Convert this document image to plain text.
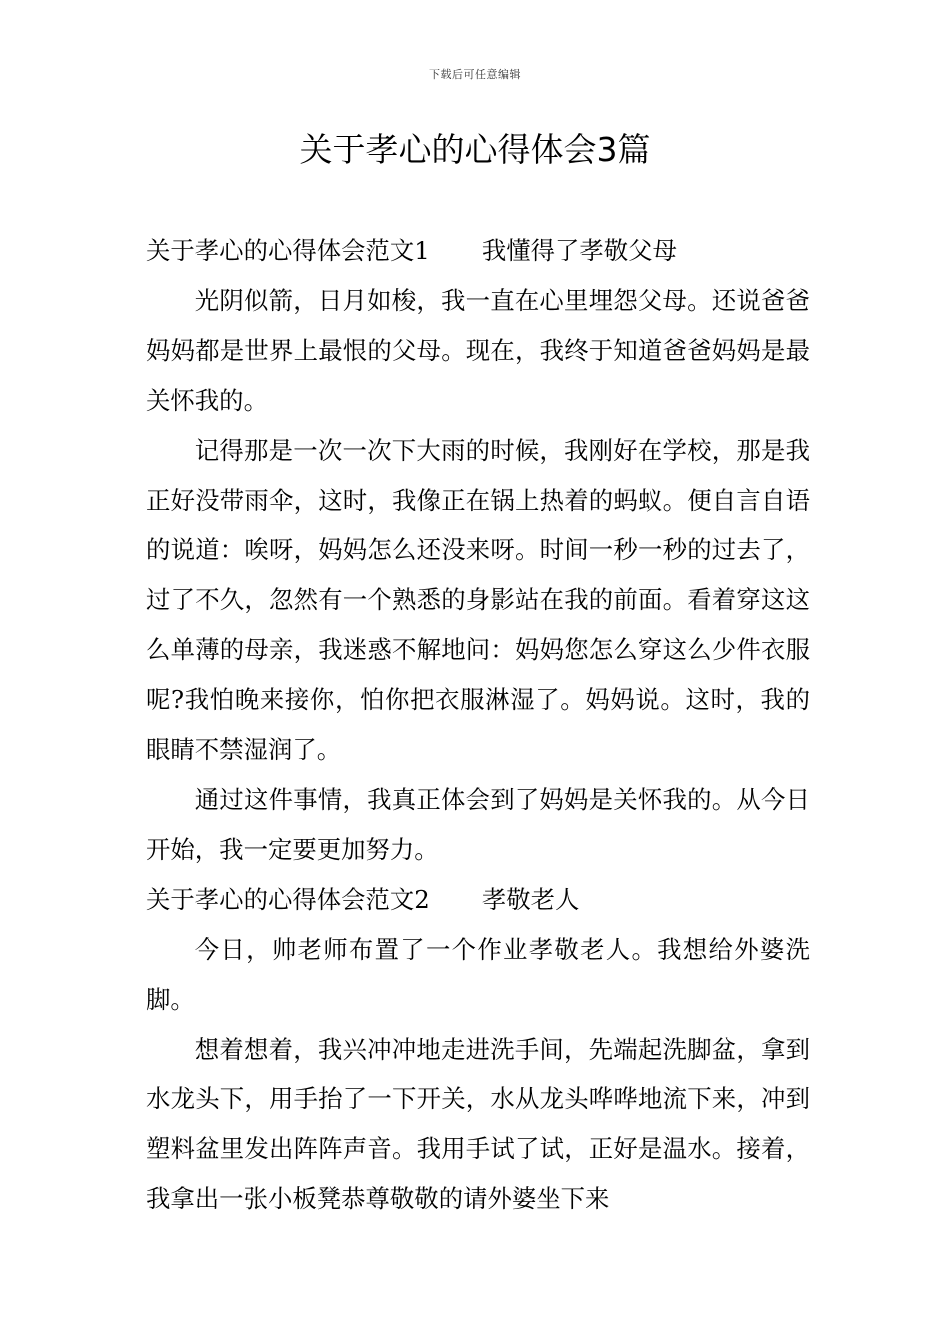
下载后可任意编辑
关于孝心的心得体会3篇

关于孝心的心得体会范文1 我懂得了孝敬父母

光阴似箭，日月如梭，我一直在心里埋怨父母。还说爸爸妈妈都是世界上最恨的父母。现在，我终于知道爸爸妈妈是最关怀我的。

记得那是一次一次下大雨的时候，我刚好在学校，那是我正好没带雨伞，这时，我像正在锅上热着的蚂蚁。便自言自语的说道：唉呀，妈妈怎么还没来呀。时间一秒一秒的过去了，过了不久，忽然有一个熟悉的身影站在我的前面。看着穿这这么单薄的母亲，我迷惑不解地问：妈妈您怎么穿这么少件衣服呢?我怕晚来接你，怕你把衣服淋湿了。妈妈说。这时，我的眼睛不禁湿润了。

通过这件事情，我真正体会到了妈妈是关怀我的。从今日开始，我一定要更加努力。

关于孝心的心得体会范文2 孝敬老人

今日，帅老师布置了一个作业孝敬老人。我想给外婆洗脚。

想着想着，我兴冲冲地走进洗手间，先端起洗脚盆，拿到水龙头下，用手抬了一下开关，水从龙头哗哗地流下来，冲到塑料盆里发出阵阵声音。我用手试了试，正好是温水。接着，我拿出一张小板凳恭尊敬敬的请外婆坐下来
